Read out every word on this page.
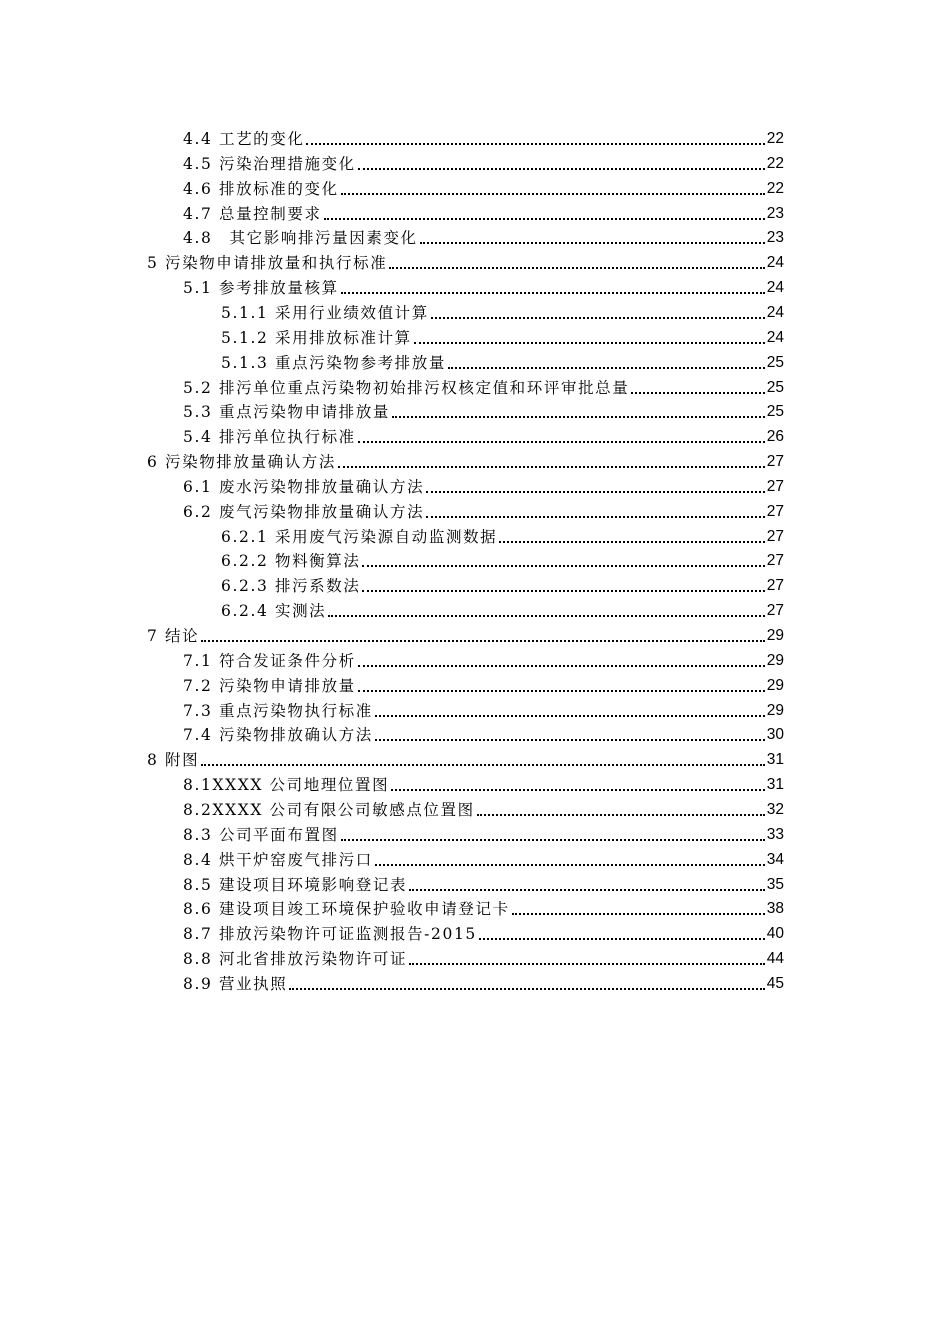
4.4 工艺的变化	22
4.5 污染治理措施变化	22
4.6 排放标准的变化	22
4.7 总量控制要求	23
4.8　其它影响排污量因素变化	23
5 污染物申请排放量和执行标准	24
5.1 参考排放量核算	24
5.1.1 采用行业绩效值计算	24
5.1.2 采用排放标准计算	24
5.1.3 重点污染物参考排放量	25
5.2 排污单位重点污染物初始排污权核定值和环评审批总量	25
5.3 重点污染物申请排放量	25
5.4 排污单位执行标准	26
6 污染物排放量确认方法	27
6.1 废水污染物排放量确认方法	27
6.2 废气污染物排放量确认方法	27
6.2.1 采用废气污染源自动监测数据	27
6.2.2 物料衡算法	27
6.2.3 排污系数法	27
6.2.4 实测法	27
7 结论	29
7.1 符合发证条件分析	29
7.2 污染物申请排放量	29
7.3 重点污染物执行标准	29
7.4 污染物排放确认方法	30
8 附图	31
8.1XXXX 公司地理位置图	31
8.2XXXX 公司有限公司敏感点位置图	32
8.3 公司平面布置图	33
8.4 烘干炉窑废气排污口	34
8.5 建设项目环境影响登记表	35
8.6 建设项目竣工环境保护验收申请登记卡	38
8.7 排放污染物许可证监测报告-2015	40
8.8 河北省排放污染物许可证	44
8.9 营业执照	45
